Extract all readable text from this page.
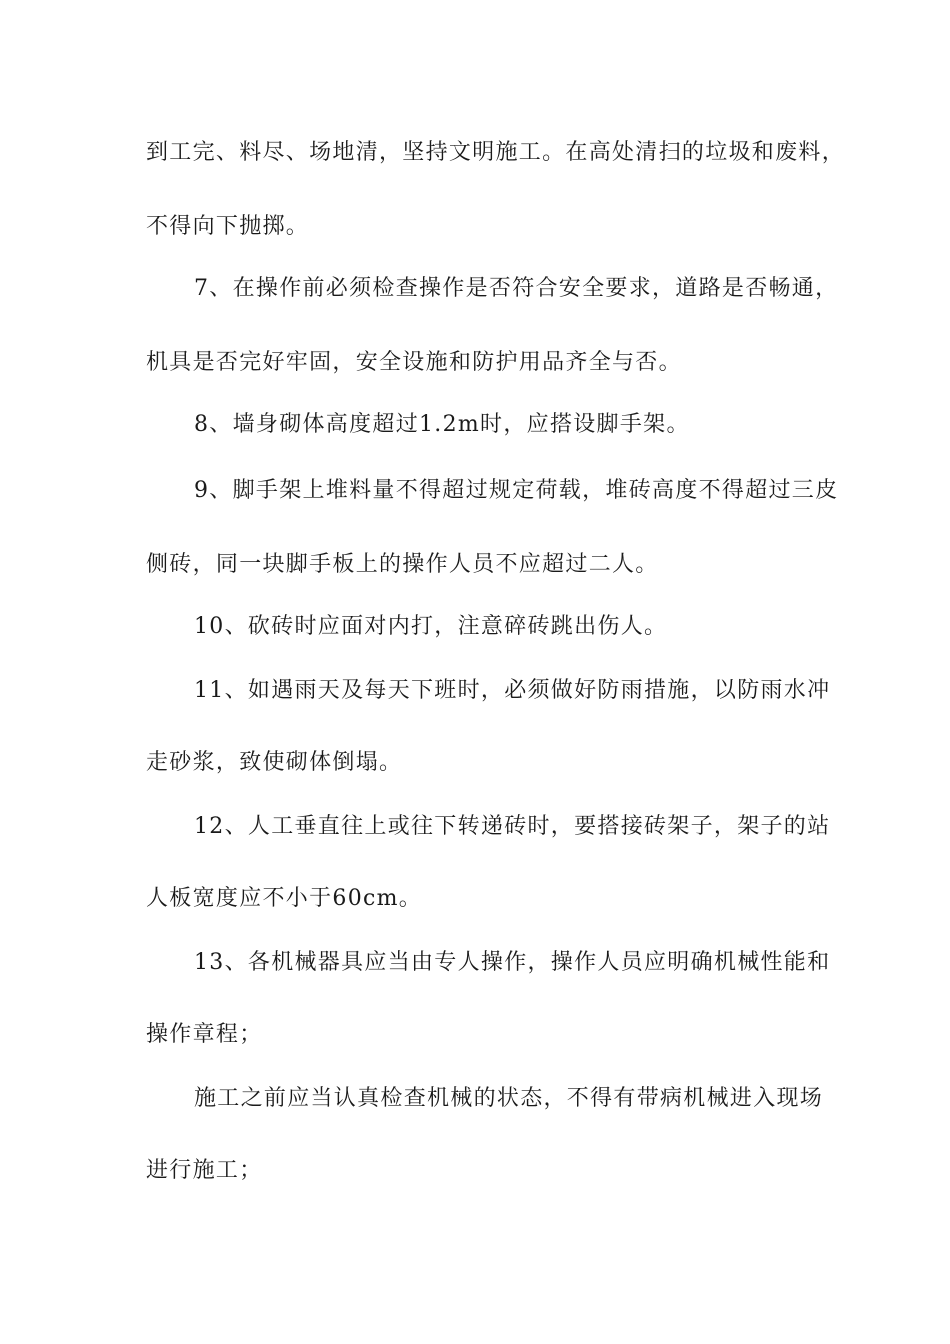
到工完、料尽、场地清，坚持文明施工。在高处清扫的垃圾和废料，
不得向下抛掷。
7、在操作前必须检查操作是否符合安全要求，道路是否畅通，
机具是否完好牢固，安全设施和防护用品齐全与否。
8、墙身砌体高度超过1.2m时，应搭设脚手架。
9、脚手架上堆料量不得超过规定荷载，堆砖高度不得超过三皮
侧砖，同一块脚手板上的操作人员不应超过二人。
10、砍砖时应面对内打，注意碎砖跳出伤人。
11、如遇雨天及每天下班时，必须做好防雨措施，以防雨水冲
走砂浆，致使砌体倒塌。
12、人工垂直往上或往下转递砖时，要搭接砖架子，架子的站
人板宽度应不小于60cm。
13、各机械器具应当由专人操作，操作人员应明确机械性能和
操作章程；
施工之前应当认真检查机械的状态，不得有带病机械进入现场
进行施工；
